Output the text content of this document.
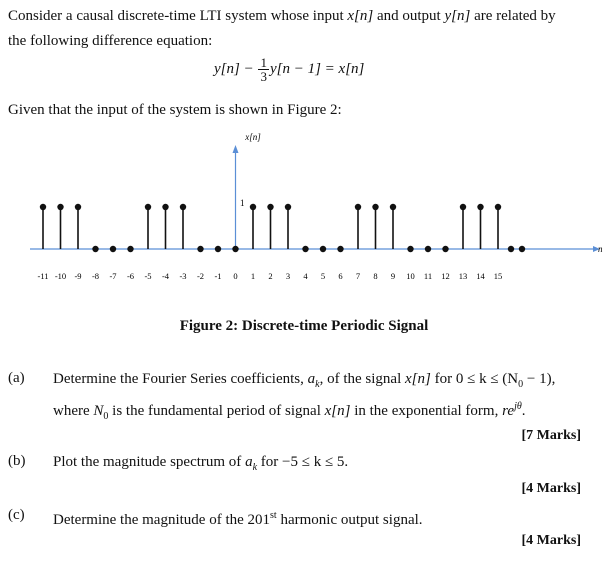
Consider a causal discrete-time LTI system whose input x[n] and output y[n] are related by
the following difference equation:
$y[n] - \frac{1}{3} y[n - 1] = x[n]$
Given that the input of the system is shown in Figure 2:
-11 -10 -9 -8 -7 -6 -5 -4 -3 -2 -1 0 1 2 3 4 5 6 7 8 9 10 11 12 13 14 15
x[n]
n
1
Figure 2: Discrete-time Periodic Signal
(a) Determine the Fourier Series coefficients, $a_k$, of the signal x[n] for $0 \le k \le (N_0 - 1)$,
where $N_0$ is the fundamental period of signal x[n] in the exponential form, $re^{j\theta}$.
[7 Marks]
(b) Plot the magnitude spectrum of $a_k$ for −5 ≤ k ≤ 5.
[4 Marks]
(c) Determine the magnitude of the 201st harmonic output signal.
[4 Marks]
